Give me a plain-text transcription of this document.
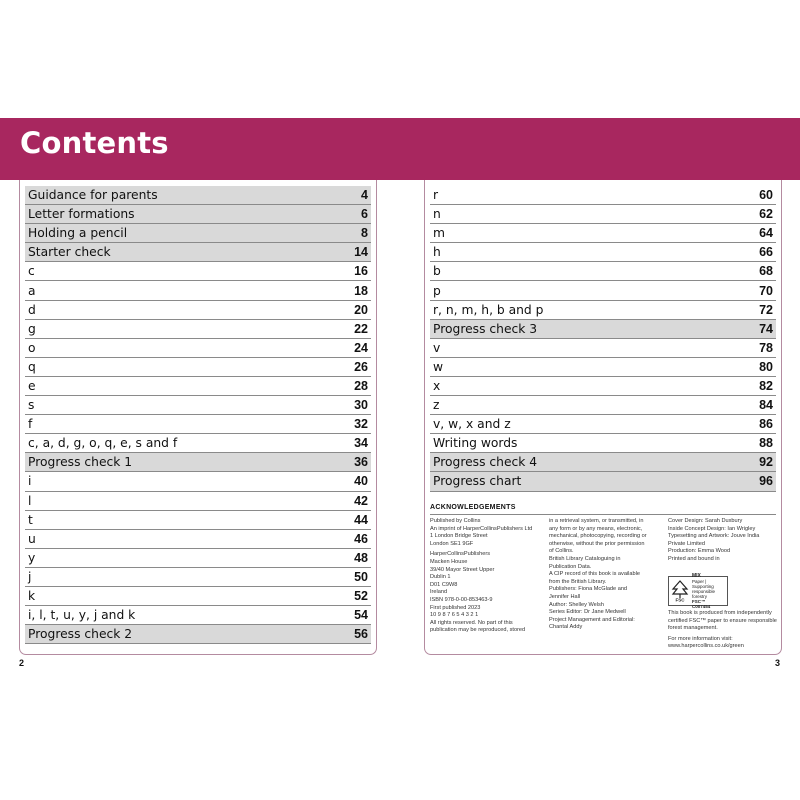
Contents
Guidance for parents	4
Letter formations	6
Holding a pencil	8
Starter check	14
c	16
a	18
d	20
g	22
o	24
q	26
e	28
s	30
f	32
c, a, d, g, o, q, e, s and f	34
Progress check 1	36
i	40
l	42
t	44
u	46
y	48
j	50
k	52
i, l, t, u, y, j and k	54
Progress check 2	56
r	60
n	62
m	64
h	66
b	68
p	70
r, n, m, h, b and p	72
Progress check 3	74
v	78
w	80
x	82
z	84
v, w, x and z	86
Writing words	88
Progress check 4	92
Progress chart	96
ACKNOWLEDGEMENTS
Published by Collins
An imprint of HarperCollinsPublishers Ltd
1 London Bridge Street
London SE1 9GF
HarperCollinsPublishers
Macken House
39/40 Mayor Street Upper
Dublin 1
D01 C9W8
Ireland
ISBN 978-0-00-853463-9
First published 2023
10 9 8 7 6 5 4 3 2 1
All rights reserved. No part of this
publication may be reproduced, stored
in a retrieval system, or transmitted, in
any form or by any means, electronic,
mechanical, photocopying, recording or
otherwise, without the prior permission
of Collins.
British Library Cataloguing in
Publication Data.
A CIP record of this book is available
from the British Library.
Publishers: Fiona McGlade and
Jennifer Hall
Author: Shelley Welsh
Series Editor: Dr Jane Medwell
Project Management and Editorial:
Chantal Addy
Cover Design: Sarah Duxbury
Inside Concept Design: Ian Wrigley
Typesetting and Artwork: Jouve India
Private Limited
Production: Emma Wood
Printed and bound in
FSC
MIX
Paper | Supporting
responsible forestry
FSC™ C007454
This book is produced from independently
certified FSC™ paper to ensure responsible
forest management.
For more information visit:
www.harpercollins.co.uk/green
2	3
